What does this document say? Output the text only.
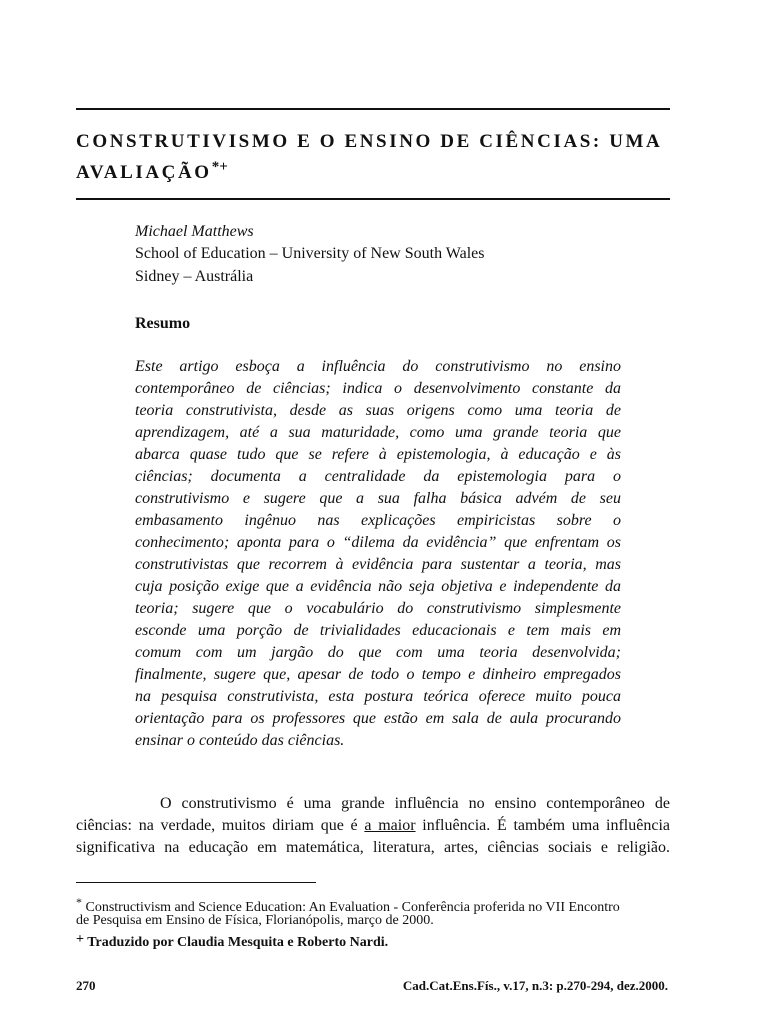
CONSTRUTIVISMO E O ENSINO DE CIÊNCIAS: UMA
AVALIAÇÃO*+
Michael Matthews
School of Education – University of New South Wales
Sidney – Austrália
Resumo
Este artigo esboça a influência do construtivismo no ensino
contemporâneo de ciências; indica o desenvolvimento constante da
teoria construtivista, desde as suas origens como uma teoria de
aprendizagem, até a sua maturidade, como uma grande teoria que
abarca quase tudo que se refere à epistemologia, à educação e às
ciências; documenta a centralidade da epistemologia para o
construtivismo e sugere que a sua falha básica advém de seu
embasamento ingênuo nas explicações empiricistas sobre o
conhecimento; aponta para o “dilema da evidência” que enfrentam os
construtivistas que recorrem à evidência para sustentar a teoria, mas
cuja posição exige que a evidência não seja objetiva e independente da
teoria; sugere que o vocabulário do construtivismo simplesmente
esconde uma porção de trivialidades educacionais e tem mais em
comum com um jargão do que com uma teoria desenvolvida;
finalmente, sugere que, apesar de todo o tempo e dinheiro empregados
na pesquisa construtivista, esta postura teórica oferece muito pouca
orientação para os professores que estão em sala de aula procurando
ensinar o conteúdo das ciências.
O construtivismo é uma grande influência no ensino contemporâneo de
ciências: na verdade, muitos diriam que é a maior influência. É também uma influência
significativa na educação em matemática, literatura, artes, ciências sociais e religião.
* Constructivism and Science Education: An Evaluation - Conferência proferida no VII Encontro
de Pesquisa em Ensino de Física, Florianópolis, março de 2000.
+ Traduzido por Claudia Mesquita e Roberto Nardi.
270	Cad.Cat.Ens.Fís., v.17, n.3: p.270-294, dez.2000.
